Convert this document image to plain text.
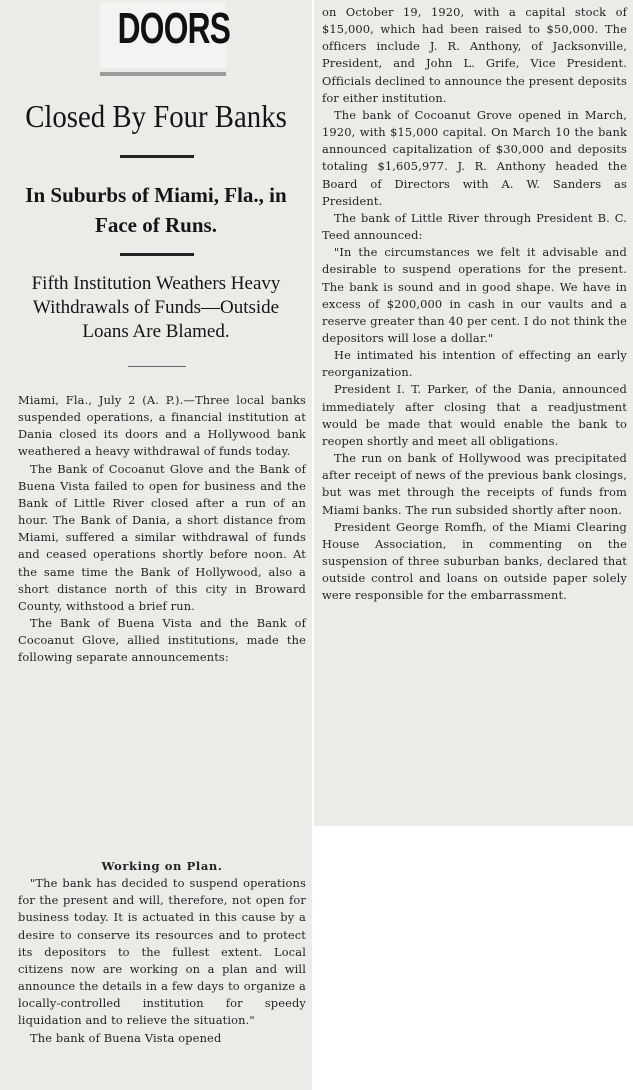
DOORS
Closed By Four Banks
In Suburbs of Miami, Fla., in Face of Runs.
Fifth Institution Weathers Heavy Withdrawals of Funds—Outside Loans Are Blamed.

Miami, Fla., July 2 (A. P.).—Three local banks suspended operations, a financial institution at Dania closed its doors and a Hollywood bank weathered a heavy withdrawal of funds today.

The Bank of Cocoanut Glove and the Bank of Buena Vista failed to open for business and the Bank of Little River closed after a run of an hour. The Bank of Dania, a short distance from Miami, suffered a similar withdrawal of funds and ceased operations shortly before noon. At the same time the Bank of Hollywood, also a short distance north of this city in Broward County, withstood a brief run.

The Bank of Buena Vista and the Bank of Cocoanut Glove, allied institutions, made the following separate announcements:

Working on Plan.

"The bank has decided to suspend operations for the present and will, therefore, not open for business today. It is actuated in this cause by a desire to conserve its resources and to protect its depositors to the fullest extent. Local citizens now are working on a plan and will announce the details in a few days to organize a locally-controlled institution for speedy liquidation and to relieve the situation."

The bank of Buena Vista opened

on October 19, 1920, with a capital stock of $15,000, which had been raised to $50,000. The officers include J. R. Anthony, of Jacksonville, President, and John L. Grife, Vice President. Officials declined to announce the present deposits for either institution.

The bank of Cocoanut Grove opened in March, 1920, with $15,000 capital. On March 10 the bank announced capitalization of $30,000 and deposits totaling $1,605,977. J. R. Anthony headed the Board of Directors with A. W. Sanders as President.

The bank of Little River through President B. C. Teed announced:

"In the circumstances we felt it advisable and desirable to suspend operations for the present. The bank is sound and in good shape. We have in excess of $200,000 in cash in our vaults and a reserve greater than 40 per cent. I do not think the depositors will lose a dollar."

He intimated his intention of effecting an early reorganization.

President I. T. Parker, of the Dania, announced immediately after closing that a readjustment would be made that would enable the bank to reopen shortly and meet all obligations.

The run on bank of Hollywood was precipitated after receipt of news of the previous bank closings, but was met through the receipts of funds from Miami banks. The run subsided shortly after noon.

President George Romfh, of the Miami Clearing House Association, in commenting on the suspension of three suburban banks, declared that outside control and loans on outside paper solely were responsible for the embarrassment.
